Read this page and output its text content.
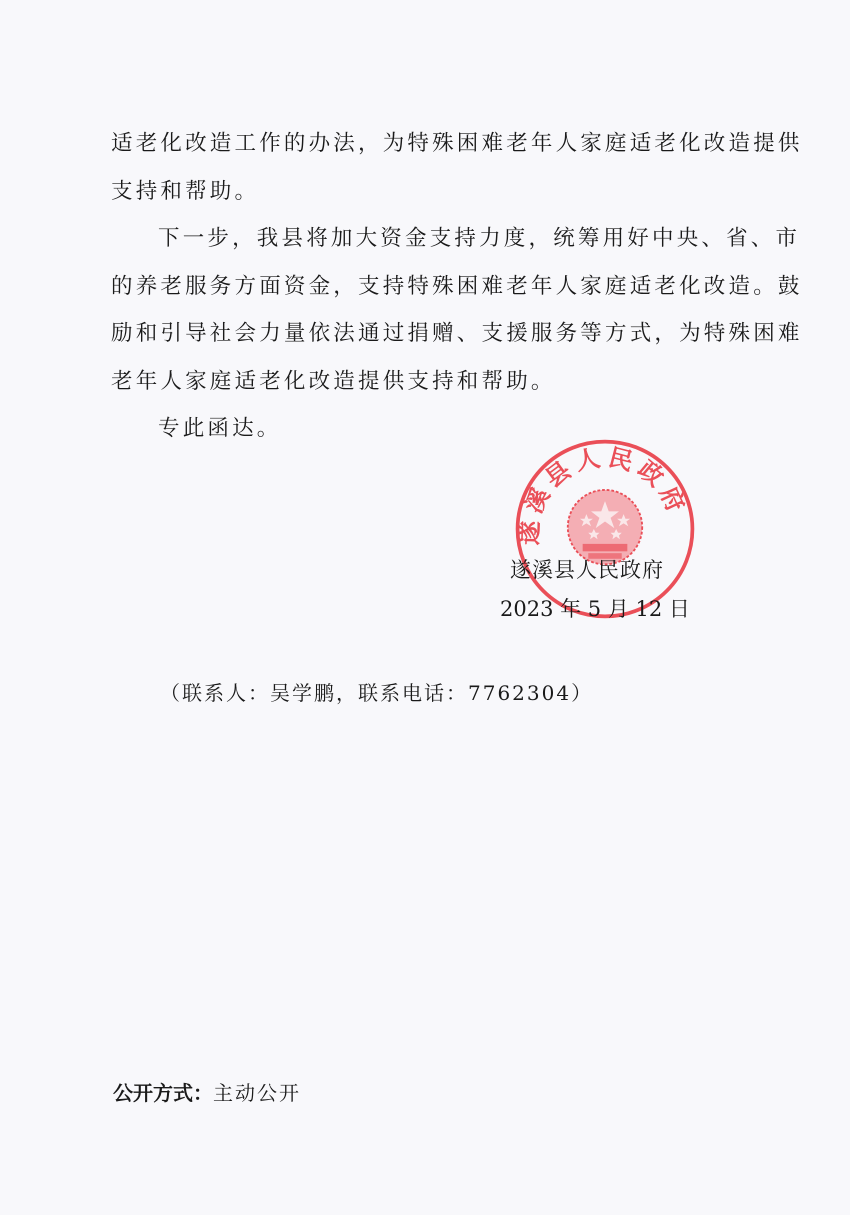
适老化改造工作的办法，为特殊困难老年人家庭适老化改造提供
支持和帮助。
下一步，我县将加大资金支持力度，统筹用好中央、省、市
的养老服务方面资金，支持特殊困难老年人家庭适老化改造。鼓
励和引导社会力量依法通过捐赠、支援服务等方式，为特殊困难
老年人家庭适老化改造提供支持和帮助。
专此函达。
遂溪县人民政府
遂溪县人民政府
2023 年 5 月 12 日
（联系人：吴学鹏，联系电话：7762304）
公开方式：主动公开
